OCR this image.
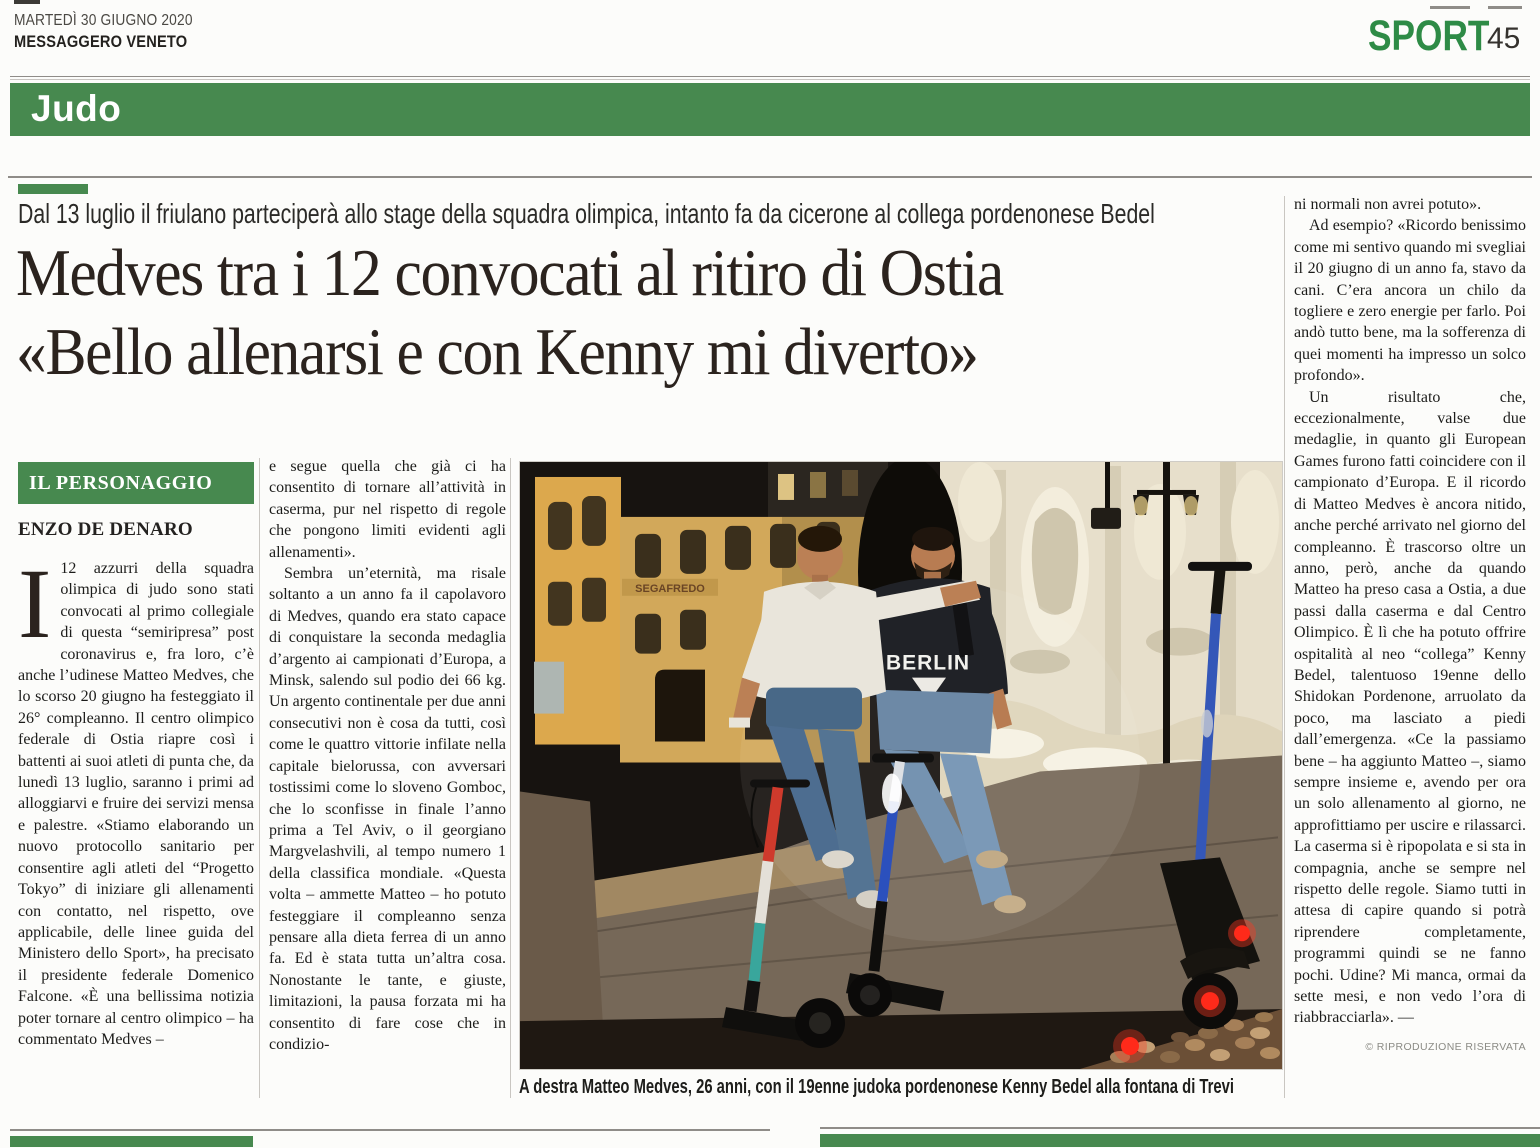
MARTEDÌ 30 GIUGNO 2020
MESSAGGERO VENETO	SPORT
45
Judo
Dal 13 luglio il friulano parteciperà allo stage della squadra olimpica, intanto fa da cicerone al collega pordenonese Bedel
Medves tra i 12 convocati al ritiro di Ostia
«Bello allenarsi e con Kenny mi diverto»
IL PERSONAGGIO
ENZO DE DENARO
I 12 azzurri della squadra olimpica di judo sono stati convocati al primo collegiale di questa “semiripresa” post coronavirus e, fra loro, c’è anche l’udinese Matteo Medves, che lo scorso 20 giugno ha festeggiato il 26° compleanno. Il centro olimpico federale di Ostia riapre così i battenti ai suoi atleti di punta che, da lunedì 13 luglio, saranno i primi ad alloggiarvi e fruire dei servizi mensa e palestre. «Stiamo elaborando un nuovo protocollo sanitario per consentire agli atleti del “Progetto Tokyo” di iniziare gli allenamenti con contatto, nel rispetto, ove applicabile, delle linee guida del Ministero dello Sport», ha precisato il presidente federale Domenico Falcone. «È una bellissima notizia poter tornare al centro olimpico – ha commentato Medves –

e segue quella che già ci ha consentito di tornare all’attività in caserma, pur nel rispetto di regole che pongono limiti evidenti agli allenamenti».

Sembra un’eternità, ma risale soltanto a un anno fa il capolavoro di Medves, quando era stato capace di conquistare la seconda medaglia d’argento ai campionati d’Europa, a Minsk, salendo sul podio dei 66 kg. Un argento continentale per due anni consecutivi non è cosa da tutti, così come le quattro vittorie infilate nella capitale bielorussa, con avversari tostissimi come lo sloveno Gomboc, che lo sconfisse in finale l’anno prima a Tel Aviv, o il georgiano Margvelashvili, al tempo numero 1 della classifica mondiale. «Questa volta – ammette Matteo – ho potuto festeggiare il compleanno senza pensare alla dieta ferrea di un anno fa. Ed è stata tutta un’altra cosa. Nonostante le tante, e giuste, limitazioni, la pausa forzata mi ha consentito di fare cose che in condizio-

SEGAFREDO
BERLIN
A destra Matteo Medves, 26 anni, con il 19enne judoka pordenonese Kenny Bedel alla fontana di Trevi

ni normali non avrei potuto».

Ad esempio? «Ricordo benissimo come mi sentivo quando mi svegliai il 20 giugno di un anno fa, stavo da cani. C’era ancora un chilo da togliere e zero energie per farlo. Poi andò tutto bene, ma la sofferenza di quei momenti ha impresso un solco profondo».

Un risultato che, eccezionalmente, valse due medaglie, in quanto gli European Games furono fatti coincidere con il campionato d’Europa. E il ricordo di Matteo Medves è ancora nitido, anche perché arrivato nel giorno del compleanno. È trascorso oltre un anno, però, anche da quando Matteo ha preso casa a Ostia, a due passi dalla caserma e dal Centro Olimpico. È lì che ha potuto offrire ospitalità al neo “collega” Kenny Bedel, talentuoso 19enne dello Shidokan Pordenone, arruolato da poco, ma lasciato a piedi dall’emergenza. «Ce la passiamo bene – ha aggiunto Matteo –, siamo sempre insieme e, avendo per ora un solo allenamento al giorno, ne approfittiamo per uscire e rilassarci. La caserma si è ripopolata e si sta in compagnia, anche se sempre nel rispetto delle regole. Siamo tutti in attesa di capire quando si potrà riprendere completamente, programmi quindi se ne fanno pochi. Udine? Mi manca, ormai da sette mesi, e non vedo l’ora di riabbracciarla». —

© RIPRODUZIONE RISERVATA
